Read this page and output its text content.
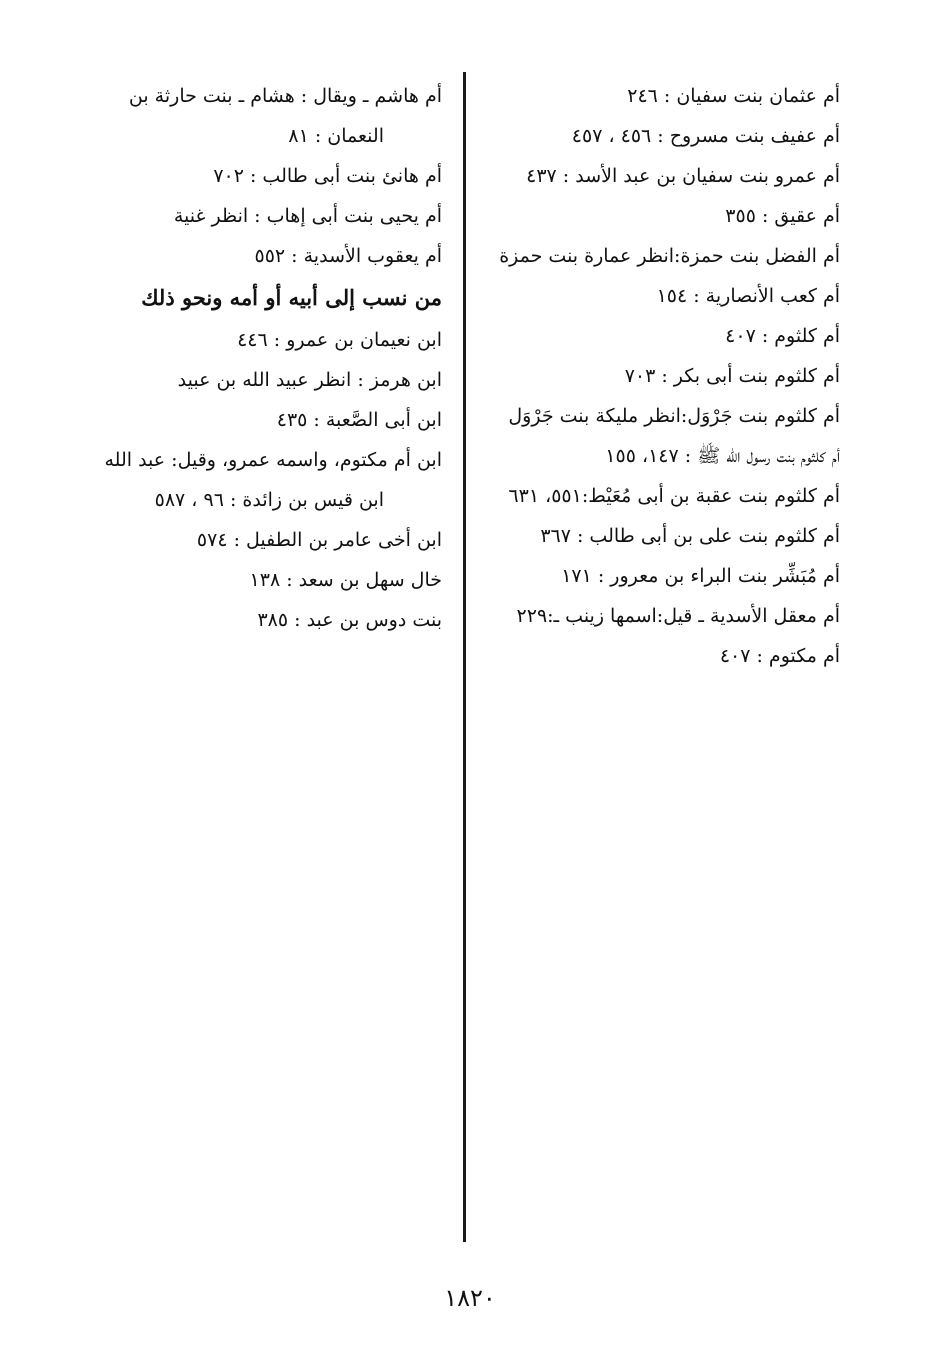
أم عثمان بنت سفيان : ٢٤٦
أم عفيف بنت مسروح : ٤٥٦ ، ٤٥٧
أم عمرو بنت سفيان بن عبد الأسد : ٤٣٧
أم عقيق : ٣٥٥
أم الفضل بنت حمزة:انظر عمارة بنت حمزة
أم كعب الأنصارية : ١٥٤
أم كلثوم : ٤٠٧
أم كلثوم بنت أبى بكر : ٧٠٣
أم كلثوم بنت جَرْوَل:انظر مليكة بنت جَرْوَل
أم كلثوم بنت رسول الله ﷺ : ١٤٧، ١٥٥
أم كلثوم بنت عقبة بن أبى مُعَيْط:٥٥١، ٦٣١
أم كلثوم بنت على بن أبى طالب : ٣٦٧
أم مُبَشِّر بنت البراء بن معرور : ١٧١
أم معقل الأسدية ـ قيل:اسمها زينب ـ:٢٢٩
أم مكتوم : ٤٠٧
أم هاشم ـ ويقال : هشام ـ بنت حارثة بن
النعمان : ٨١
أم هانئ بنت أبى طالب : ٧٠٢
أم يحيى بنت أبى إهاب : انظر غنية
أم يعقوب الأسدية : ٥٥٢
من نسب إلى أبيه أو أمه ونحو ذلك
ابن نعيمان بن عمرو : ٤٤٦
ابن هرمز : انظر عبيد الله بن عبيد
ابن أبى الصَّعبة : ٤٣٥
ابن أم مكتوم، واسمه عمرو، وقيل: عبد الله
ابن قيس بن زائدة : ٩٦ ، ٥٨٧
ابن أخى عامر بن الطفيل : ٥٧٤
خال سهل بن سعد : ١٣٨
بنت دوس بن عبد : ٣٨٥
١٨٢٠
